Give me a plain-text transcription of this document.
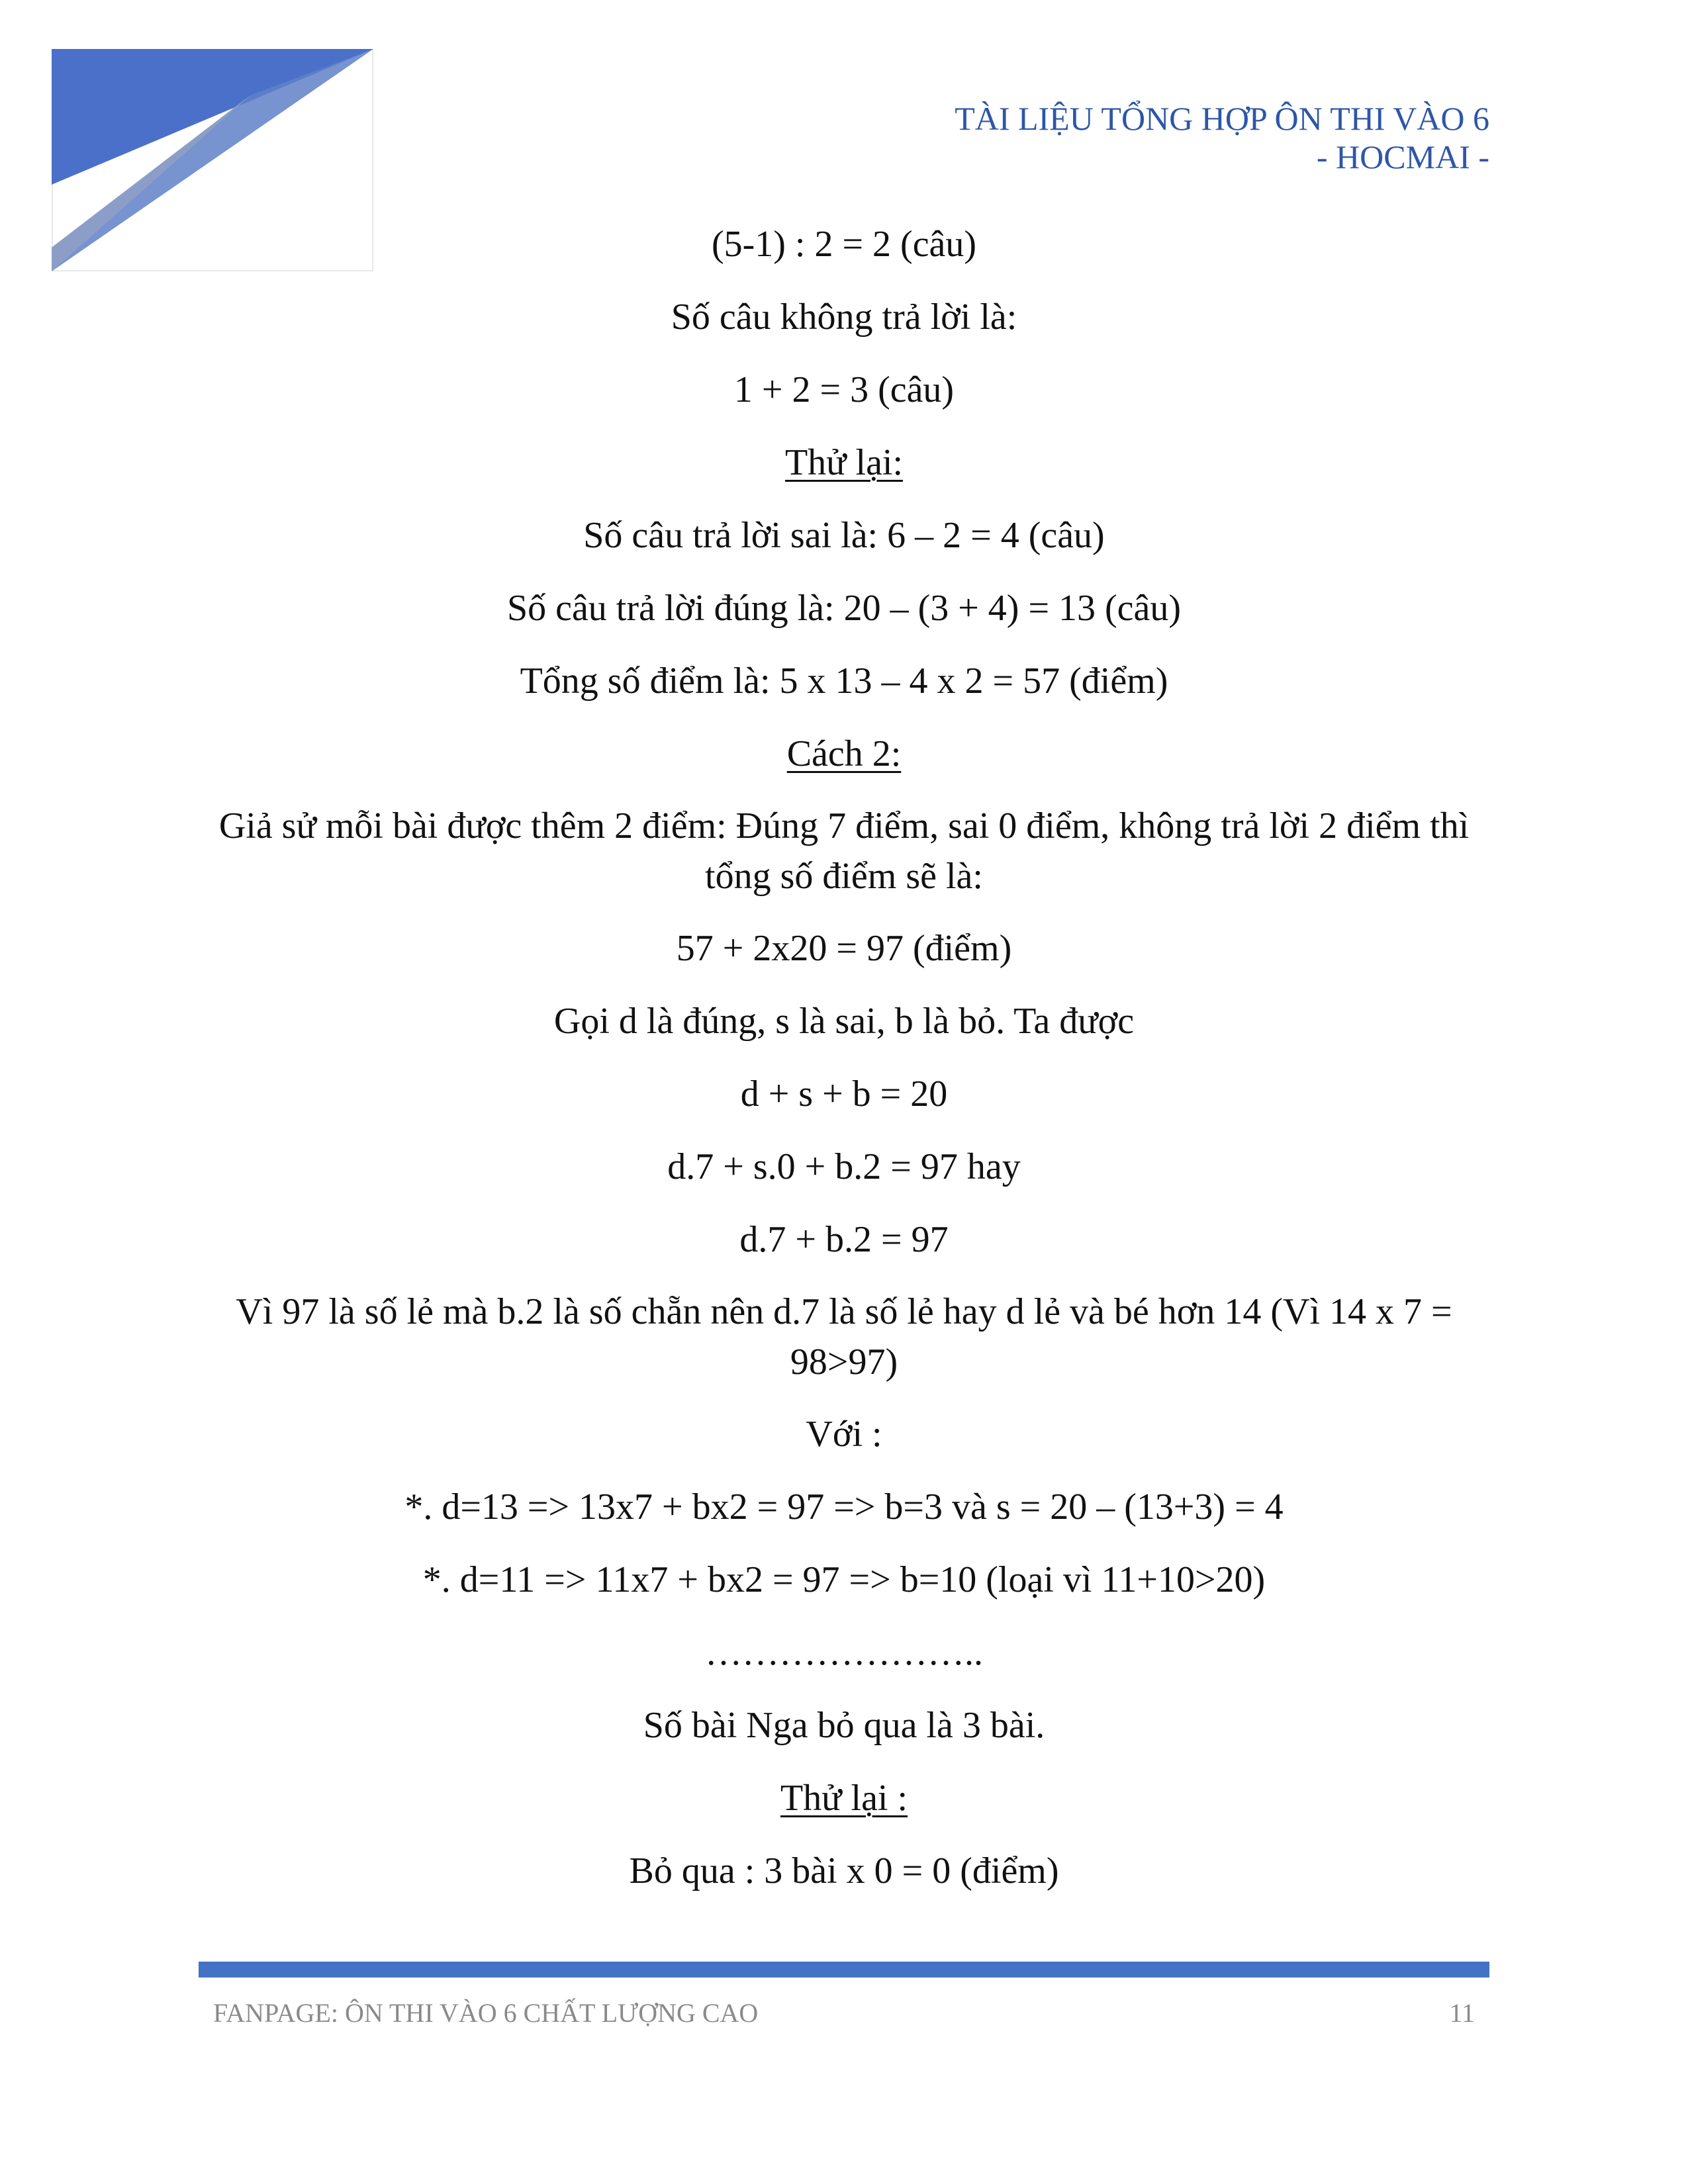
TÀI LIỆU TỔNG HỢP ÔN THI VÀO 6
- HOCMAI -

(5-1) : 2 = 2 (câu)

Số câu không trả lời là:

1 + 2 = 3 (câu)

Thử lại:

Số câu trả lời sai là: 6 – 2 = 4 (câu)

Số câu trả lời đúng là: 20 – (3 + 4) = 13 (câu)

Tổng số điểm là: 5 x 13 – 4 x 2 = 57 (điểm)

Cách 2:

Giả sử mỗi bài được thêm 2 điểm: Đúng 7 điểm, sai 0 điểm, không trả lời 2 điểm thì tổng số điểm sẽ là:

57 + 2x20 = 97 (điểm)

Gọi d là đúng, s là sai, b là bỏ. Ta được

d + s + b = 20

d.7 + s.0 + b.2 = 97 hay

d.7 + b.2 = 97

Vì 97 là số lẻ mà b.2 là số chẵn nên d.7 là số lẻ hay d lẻ và bé hơn 14 (Vì 14 x 7 = 98>97)

Với :

*. d=13 => 13x7 + bx2 = 97 => b=3 và s = 20 – (13+3) = 4

*. d=11 => 11x7 + bx2 = 97 => b=10 (loại vì 11+10>20)

…………………..

Số bài Nga bỏ qua là 3 bài.

Thử lại :

Bỏ qua : 3 bài x 0 = 0 (điểm)

FANPAGE: ÔN THI VÀO 6 CHẤT LƯỢNG CAO	11
